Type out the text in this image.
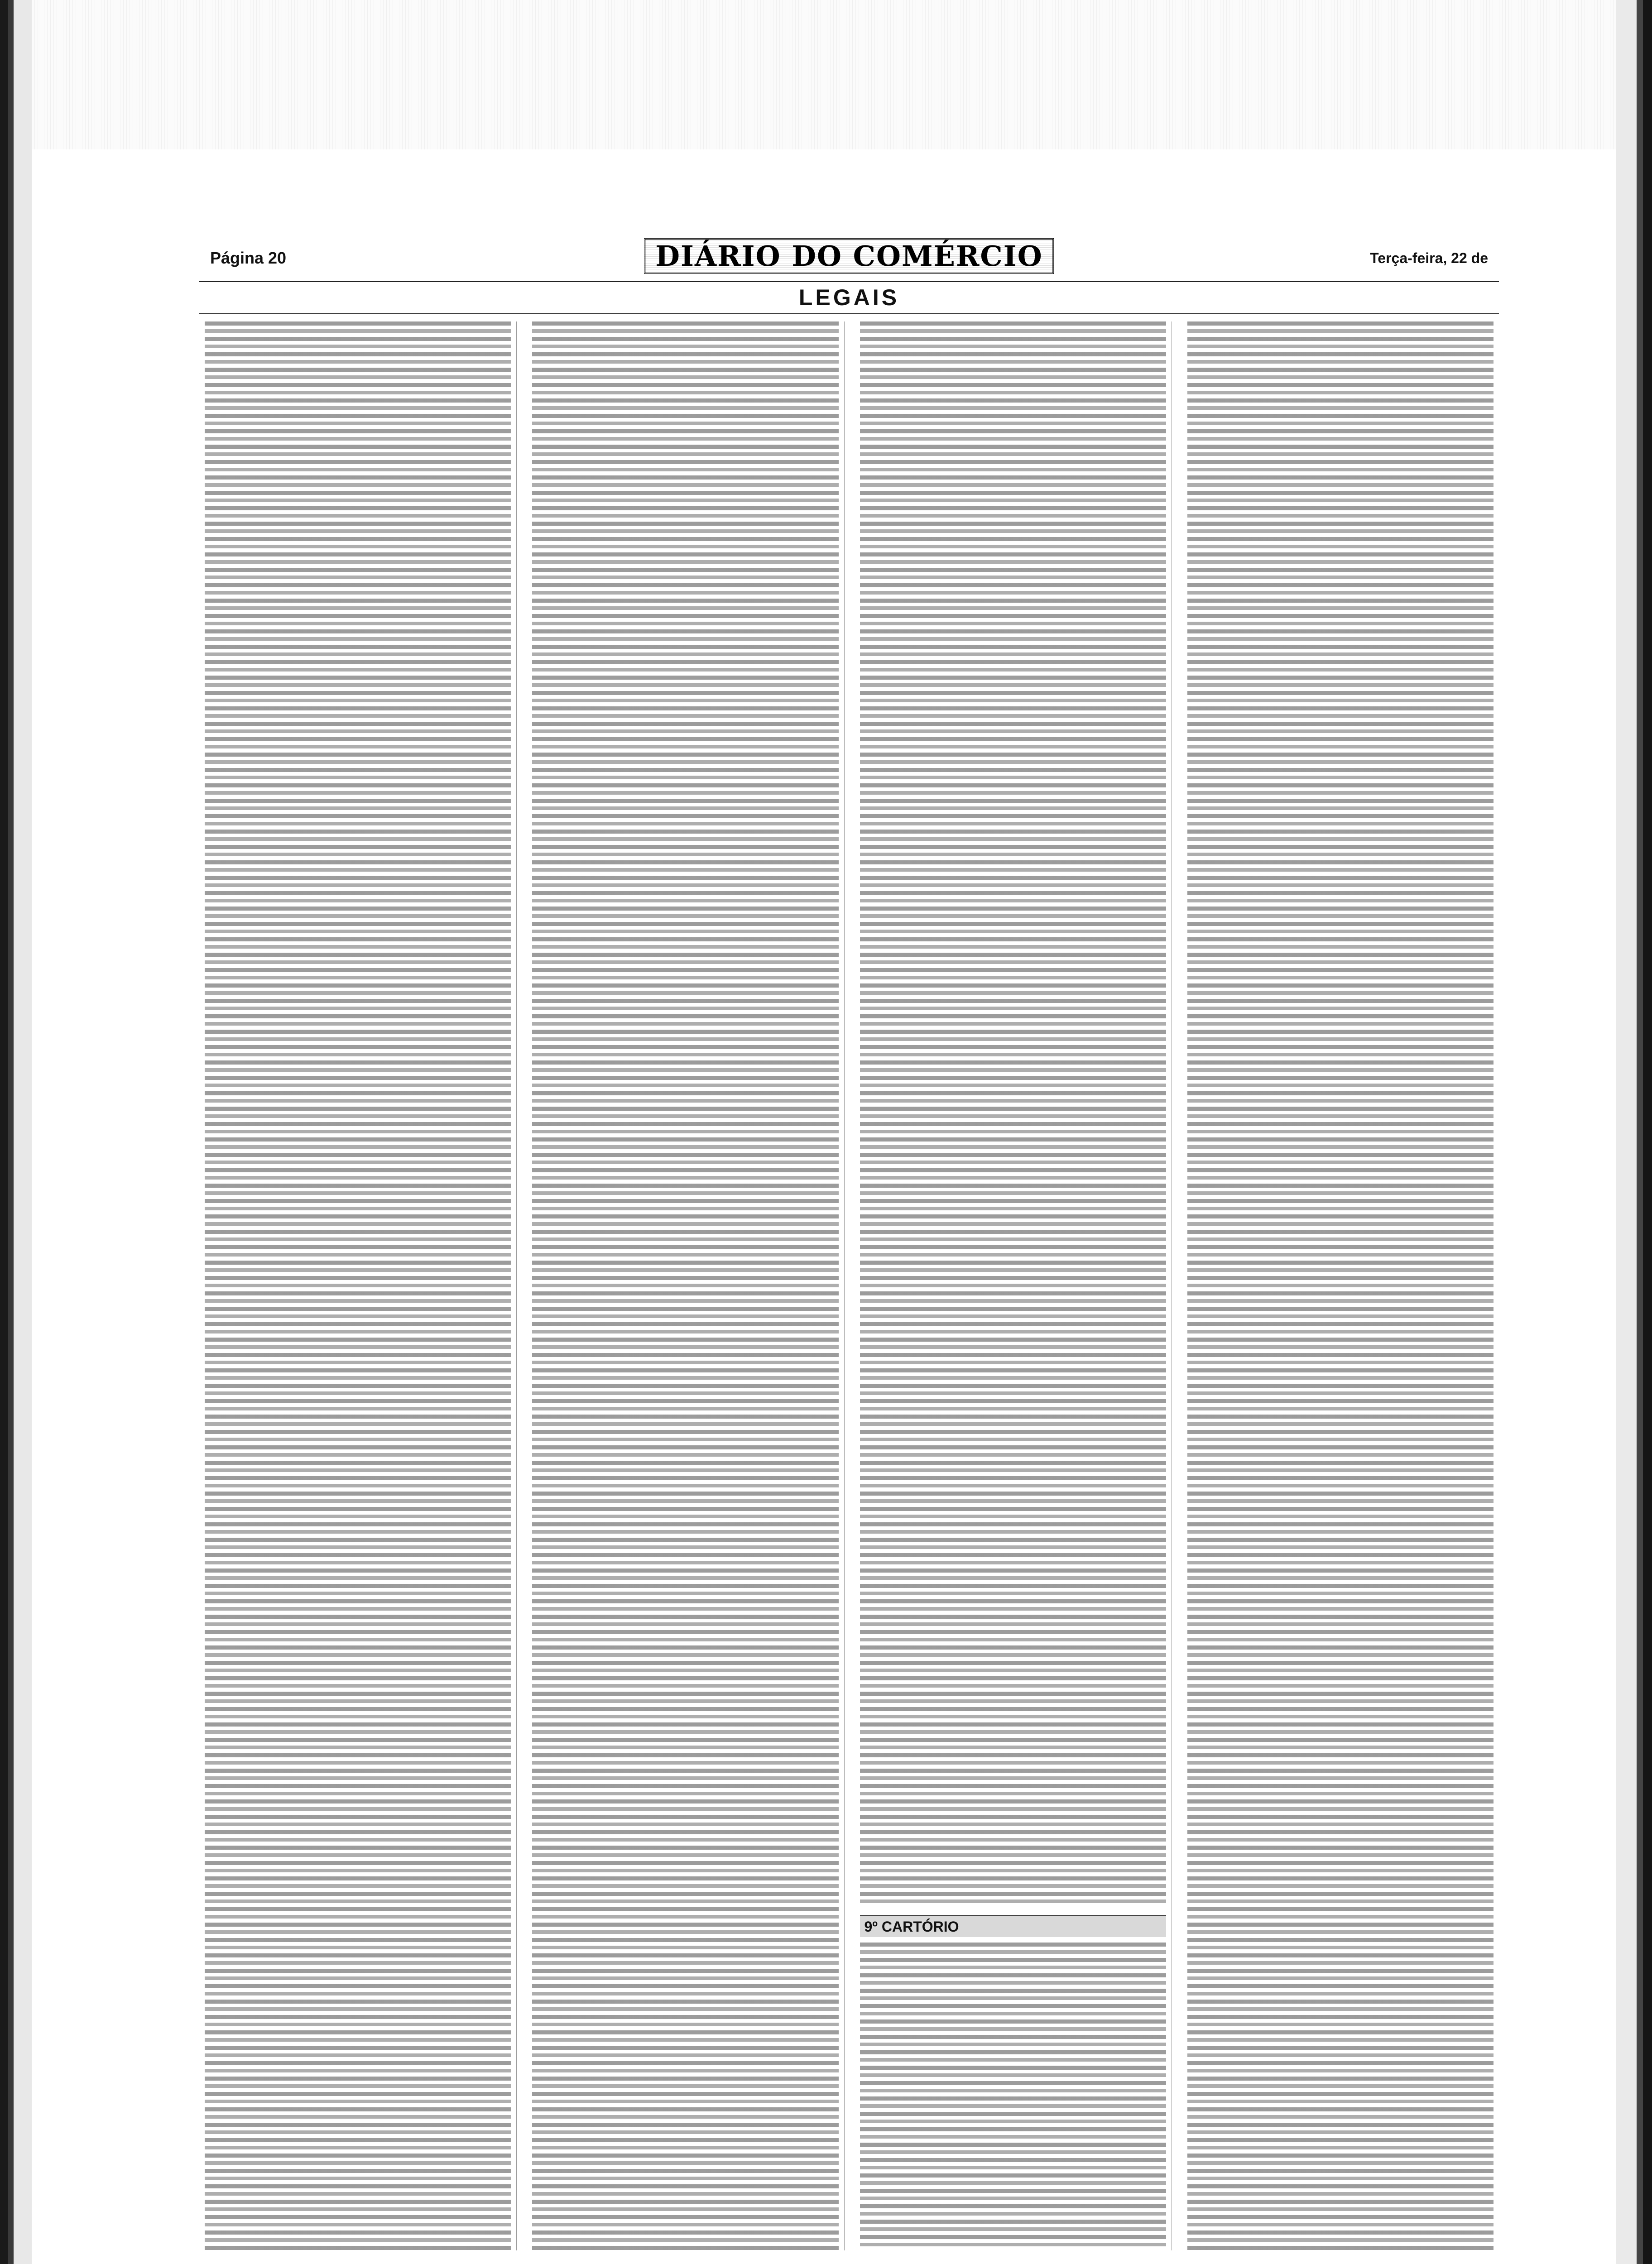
Página 20	DIÁRIO DO COMÉRCIO	Terça-feira, 22 de
LEGAIS
9º CARTÓRIO
